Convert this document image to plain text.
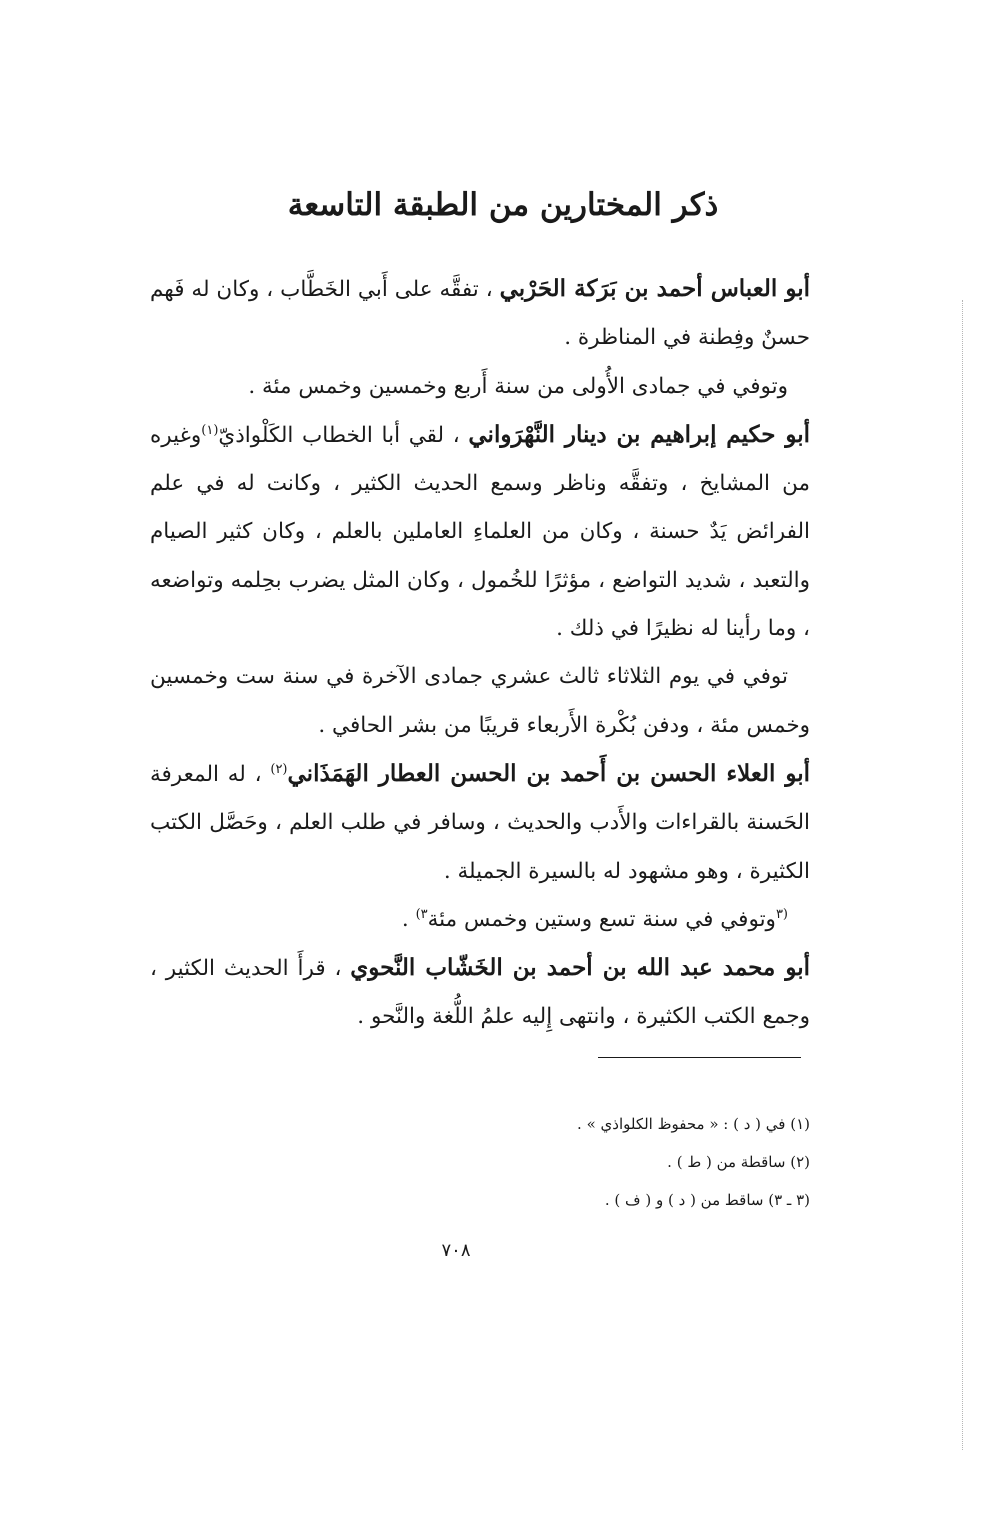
ذكر المختارين من الطبقة التاسعة

أبو العباس أحمد بن بَرَكة الحَرْبي ، تفقَّه على أَبي الخَطَّاب ، وكان له فَهم حسنٌ وفِطنة في المناظرة .

وتوفي في جمادى الأُولى من سنة أَربع وخمسين وخمس مئة .

أبو حكيم إبراهيم بن دينار النَّهْرَواني ، لقي أبا الخطاب الكَلْواذيّ$^{(١)}$وغيره من المشايخ ، وتفقَّه وناظر وسمع الحديث الكثير ، وكانت له في علم الفرائض يَدٌ حسنة ، وكان من العلماءِ العاملين بالعلم ، وكان كثير الصيام والتعبد ، شديد التواضع ، مؤثرًا للخُمول ، وكان المثل يضرب بحِلمه وتواضعه ، وما رأينا له نظيرًا في ذلك .

توفي في يوم الثلاثاء ثالث عشري جمادى الآخرة في سنة ست وخمسين وخمس مئة ، ودفن بُكْرة الأَربعاء قريبًا من بشر الحافي .

أبو العلاء الحسن بن أَحمد بن الحسن العطار الهَمَذَاني$^{(٢)}$ ، له المعرفة الحَسنة بالقراءات والأَدب والحديث ، وسافر في طلب العلم ، وحَصَّل الكتب الكثيرة ، وهو مشهود له بالسيرة الجميلة .

$^{(٣}$وتوفي في سنة تسع وستين وخمس مئة$^{٣)}$ .

أبو محمد عبد الله بن أحمد بن الخَشّاب النَّحوي ، قرأَ الحديث الكثير ، وجمع الكتب الكثيرة ، وانتهى إِليه علمُ اللُّغة والنَّحو .

(١) في ( د ) : « محفوظ الكلواذي » .
(٢) ساقطة من ( ط ) .
(٣ ـ ٣) ساقط من ( د ) و ( ف ) .
٧٠٨
